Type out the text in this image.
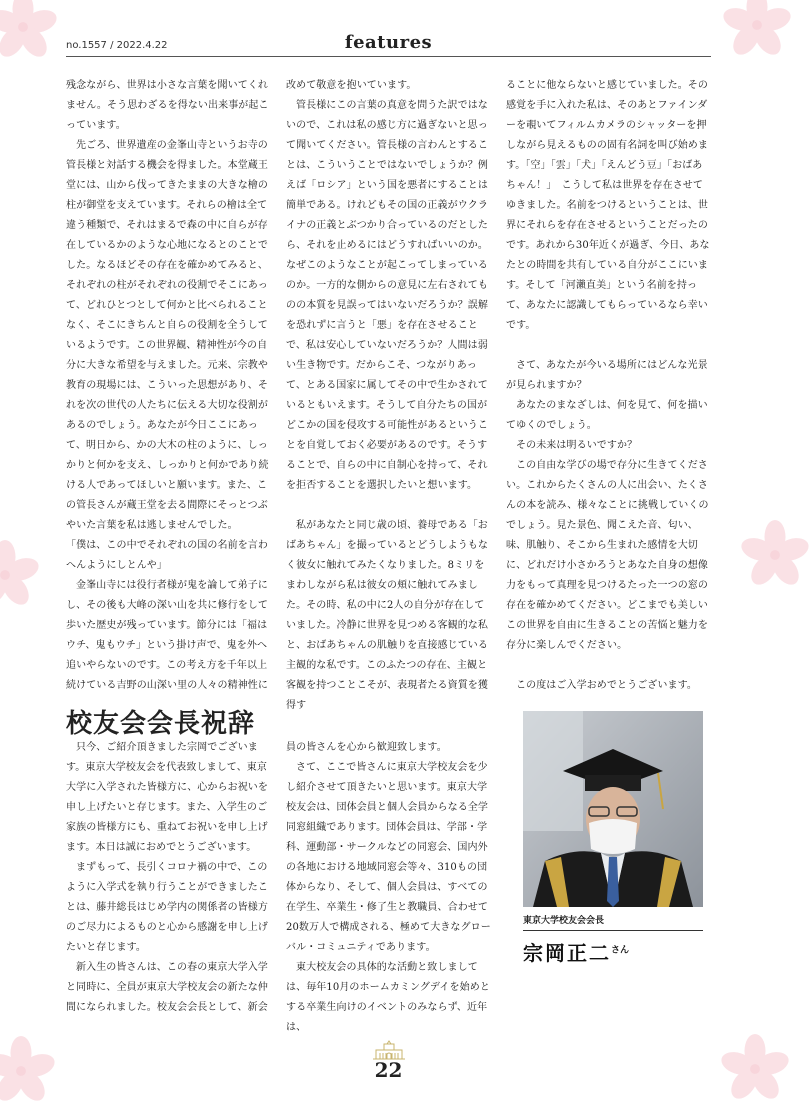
no.1557 / 2022.4.22	features

残念ながら、世界は小さな言葉を聞いてくれません。そう思わざるを得ない出来事が起こっています。

先ごろ、世界遺産の金峯山寺というお寺の管長様と対話する機会を得ました。本堂蔵王堂には、山から伐ってきたままの大きな檜の柱が御堂を支えています。それらの檜は全て違う種類で、それはまるで森の中に自らが存在しているかのような心地になるとのことでした。なるほどその存在を確かめてみると、それぞれの柱がそれぞれの役割でそこにあって、どれひとつとして何かと比べられることなく、そこにきちんと自らの役割を全うしているようです。この世界観、精神性が今の自分に大きな希望を与えました。元来、宗教や教育の現場には、こういった思想があり、それを次の世代の人たちに伝える大切な役割があるのでしょう。あなたが今日ここにあって、明日から、かの大木の柱のように、しっかりと何かを支え、しっかりと何かであり続ける人であってほしいと願います。また、この管長さんが蔵王堂を去る間際にそっとつぶやいた言葉を私は逃しませんでした。

「僕は、この中でそれぞれの国の名前を言わへんようにしとんや」

金峯山寺には役行者様が鬼を論して弟子にし、その後も大峰の深い山を共に修行をして歩いた歴史が残っています。節分には「福はウチ、鬼もウチ」という掛け声で、鬼を外へ追いやらないのです。この考え方を千年以上続けている吉野の山深い里の人々の精神性に

改めて敬意を抱いています。

管長様にこの言葉の真意を問うた訳ではないので、これは私の感じ方に過ぎないと思って聞いてください。管長様の言わんとすることは、こういうことではないでしょうか？例えば「ロシア」という国を悪者にすることは簡単である。けれどもその国の正義がウクライナの正義とぶつかり合っているのだとしたら、それを止めるにはどうすればいいのか。なぜこのようなことが起こってしまっているのか。一方的な側からの意見に左右されてものの本質を見誤ってはいないだろうか？誤解を恐れずに言うと「悪」を存在させることで、私は安心していないだろうか？人間は弱い生き物です。だからこそ、つながりあって、とある国家に属してその中で生かされているともいえます。そうして自分たちの国がどこかの国を侵攻する可能性があるということを自覚しておく必要があるのです。そうすることで、自らの中に自制心を持って、それを拒否することを選択したいと想います。

私があなたと同じ歳の頃、養母である「おばあちゃん」を撮っているとどうしようもなく彼女に触れてみたくなりました。8ミリをまわしながら私は彼女の頬に触れてみました。その時、私の中に2人の自分が存在していました。冷静に世界を見つめる客観的な私と、おばあちゃんの肌触りを直接感じている主観的な私です。このふたつの存在、主観と客観を持つことこそが、表現者たる資質を獲得す

ることに他ならないと感じていました。その感覚を手に入れた私は、そのあとファインダーを覗いてフィルムカメラのシャッターを押しながら見えるものの固有名詞を叫び始めます。「空」「雲」「犬」「えんどう豆」「おばあちゃん！」　こうして私は世界を存在させてゆきました。名前をつけるということは、世界にそれらを存在させるということだったのです。あれから30年近くが過ぎ、今日、あなたとの時間を共有している自分がここにいます。そして「河瀨直美」という名前を持って、あなたに認識してもらっているなら幸いです。

さて、あなたが今いる場所にはどんな光景が見られますか？

あなたのまなざしは、何を見て、何を描いてゆくのでしょう。

その未来は明るいですか？

この自由な学びの場で存分に生きてください。これからたくさんの人に出会い、たくさんの本を読み、様々なことに挑戦していくのでしょう。見た景色、聞こえた音、匂い、味、肌触り、そこから生まれた感情を大切に、どれだけ小さかろうとあなた自身の想像力をもって真理を見つけるたった一つの窓の存在を確かめてください。どこまでも美しいこの世界を自由に生きることの苦悩と魅力を存分に楽しんでください。

この度はご入学おめでとうございます。

校友会会長祝辞

只今、ご紹介頂きました宗岡でございます。東京大学校友会を代表致しまして、東京大学に入学された皆様方に、心からお祝いを申し上げたいと存じます。また、入学生のご家族の皆様方にも、重ねてお祝いを申し上げます。本日は誠におめでとうございます。

まずもって、長引くコロナ禍の中で、このように入学式を執り行うことができましたことは、藤井総長はじめ学内の関係者の皆様方のご尽力によるものと心から感謝を申し上げたいと存じます。

新入生の皆さんは、この春の東京大学入学と同時に、全員が東京大学校友会の新たな仲間になられました。校友会会長として、新会

員の皆さんを心から歓迎致します。

さて、ここで皆さんに東京大学校友会を少し紹介させて頂きたいと思います。東京大学校友会は、団体会員と個人会員からなる全学同窓組織であります。団体会員は、学部・学科、運動部・サークルなどの同窓会、国内外の各地における地域同窓会等々、310もの団体からなり、そして、個人会員は、すべての在学生、卒業生・修了生と教職員、合わせて20数万人で構成される、極めて大きなグローバル・コミュニティであります。

東大校友会の具体的な活動と致しましては、毎年10月のホームカミングデイを始めとする卒業生向けのイベントのみならず、近年は、

東京大学校友会会長
宗岡正二$^{さん}$
22
